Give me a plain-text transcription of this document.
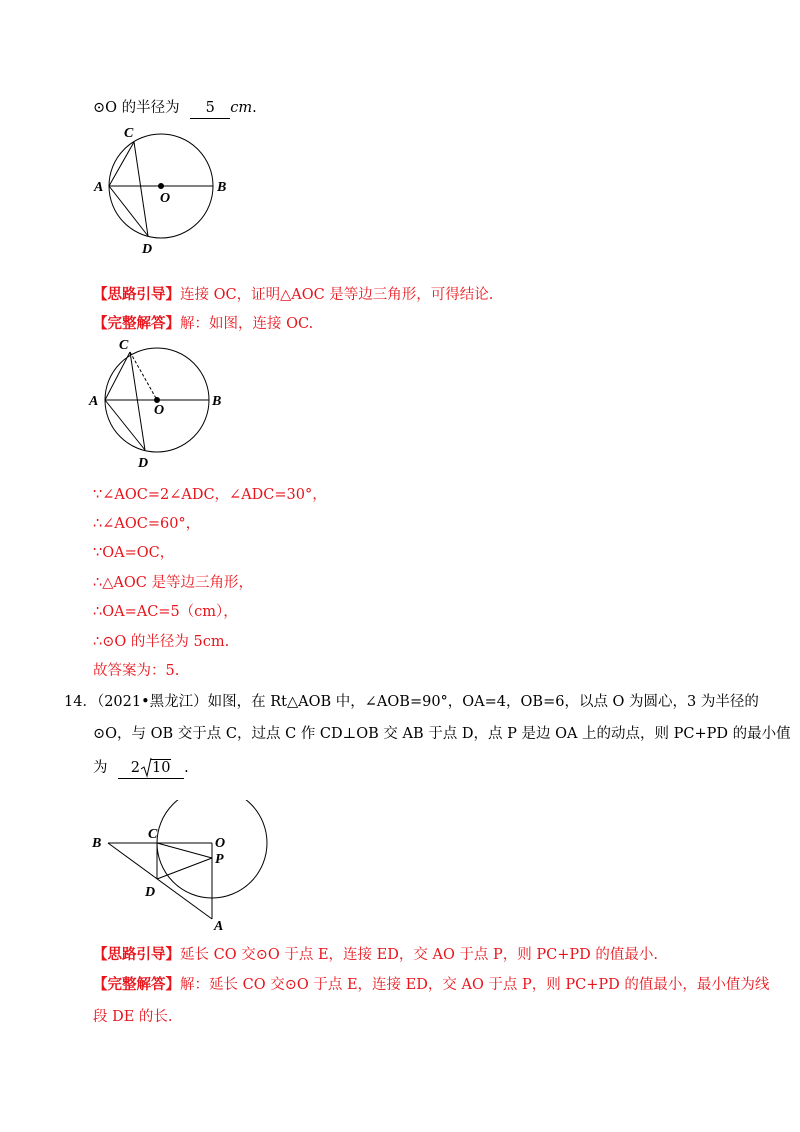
⊙O 的半径为 5 cm.
C
A
O
B
D
【思路引导】连接 OC，证明△AOC 是等边三角形，可得结论.
【完整解答】解：如图，连接 OC.
C
A
O
B
D
∵∠AOC=2∠ADC，∠ADC=30°，
∴∠AOC=60°，
∵OA=OC，
∴△AOC 是等边三角形，
∴OA=AC=5（cm），
∴⊙O 的半径为 5cm.
故答案为：5.
14．（2021•黑龙江）如图，在 Rt△AOB 中，∠AOB=90°，OA=4，OB=6，以点 O 为圆心，3 为半径的
⊙O，与 OB 交于点 C，过点 C 作 CD⊥OB 交 AB 于点 D，点 P 是边 OA 上的动点，则 PC+PD 的最小值
为 2 10 .
B
C
O
P
D
A
【思路引导】延长 CO 交⊙O 于点 E，连接 ED，交 AO 于点 P，则 PC+PD 的值最小.
【完整解答】解：延长 CO 交⊙O 于点 E，连接 ED，交 AO 于点 P，则 PC+PD 的值最小，最小值为线
段 DE 的长.
